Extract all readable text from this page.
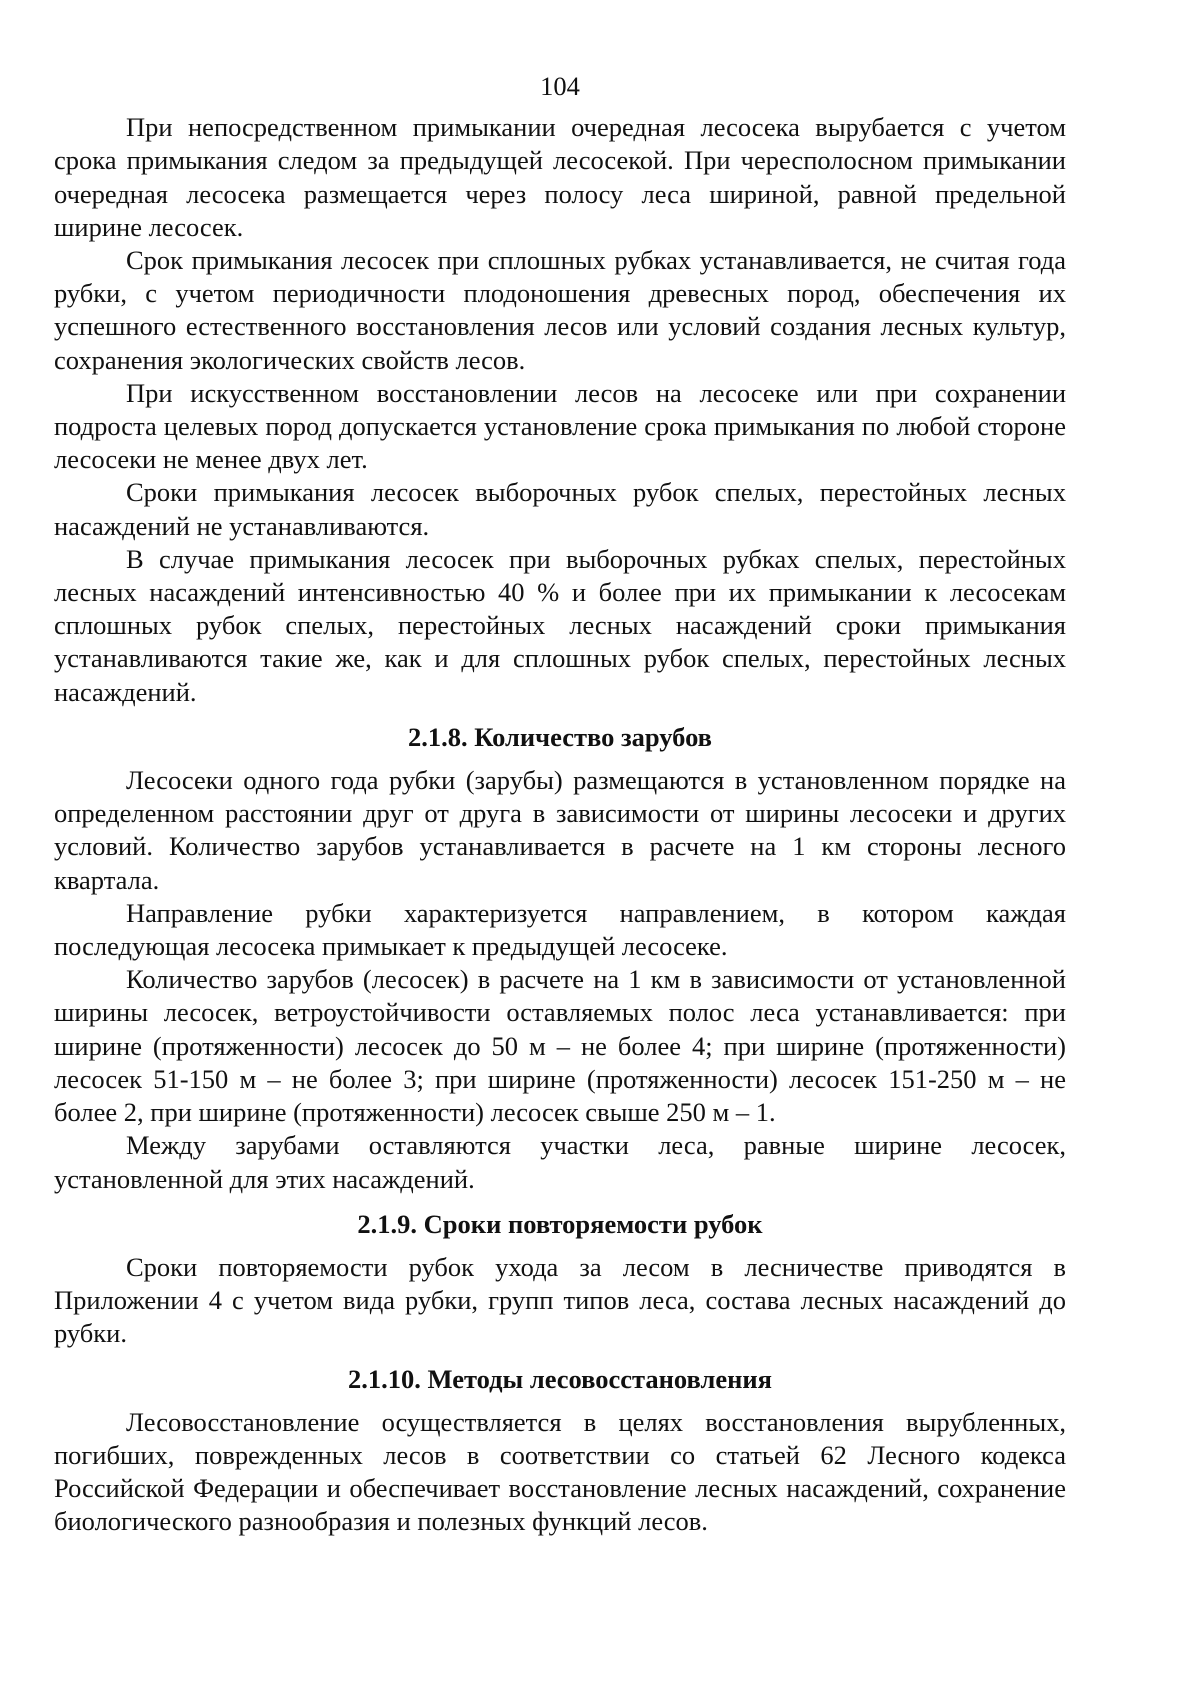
104

При непосредственном примыкании очередная лесосека вырубается с учетом срока примыкания следом за предыдущей лесосекой. При чересполосном примыкании очередная лесосека размещается через полосу леса шириной, равной предельной ширине лесосек.

Срок примыкания лесосек при сплошных рубках устанавливается, не считая года рубки, с учетом периодичности плодоношения древесных пород, обеспечения их успешного естественного восстановления лесов или условий создания лесных культур, сохранения экологических свойств лесов.

При искусственном восстановлении лесов на лесосеке или при сохранении подроста целевых пород допускается установление срока примыкания по любой стороне лесосеки не менее двух лет.

Сроки примыкания лесосек выборочных рубок спелых, перестойных лесных насаждений не устанавливаются.

В случае примыкания лесосек при выборочных рубках спелых, перестойных лесных насаждений интенсивностью 40 % и более при их примыкании к лесосекам сплошных рубок спелых, перестойных лесных насаждений сроки примыкания устанавливаются такие же, как и для сплошных рубок спелых, перестойных лесных насаждений.

2.1.8. Количество зарубов

Лесосеки одного года рубки (зарубы) размещаются в установленном порядке на определенном расстоянии друг от друга в зависимости от ширины лесосеки и других условий. Количество зарубов устанавливается в расчете на 1 км стороны лесного квартала.

Направление рубки характеризуется направлением, в котором каждая последующая лесосека примыкает к предыдущей лесосеке.

Количество зарубов (лесосек) в расчете на 1 км в зависимости от установленной ширины лесосек, ветроустойчивости оставляемых полос леса устанавливается: при ширине (протяженности) лесосек до 50 м – не более 4; при ширине (протяженности) лесосек 51-150 м – не более 3; при ширине (протяженности) лесосек 151-250 м – не более 2, при ширине (протяженности) лесосек свыше 250 м – 1.

Между зарубами оставляются участки леса, равные ширине лесосек, установленной для этих насаждений.

2.1.9. Сроки повторяемости рубок

Сроки повторяемости рубок ухода за лесом в лесничестве приводятся в Приложении 4 с учетом вида рубки, групп типов леса, состава лесных насаждений до рубки.

2.1.10. Методы лесовосстановления

Лесовосстановление осуществляется в целях восстановления вырубленных, погибших, поврежденных лесов в соответствии со статьей 62 Лесного кодекса Российской Федерации и обеспечивает восстановление лесных насаждений, сохранение биологического разнообразия и полезных функций лесов.
